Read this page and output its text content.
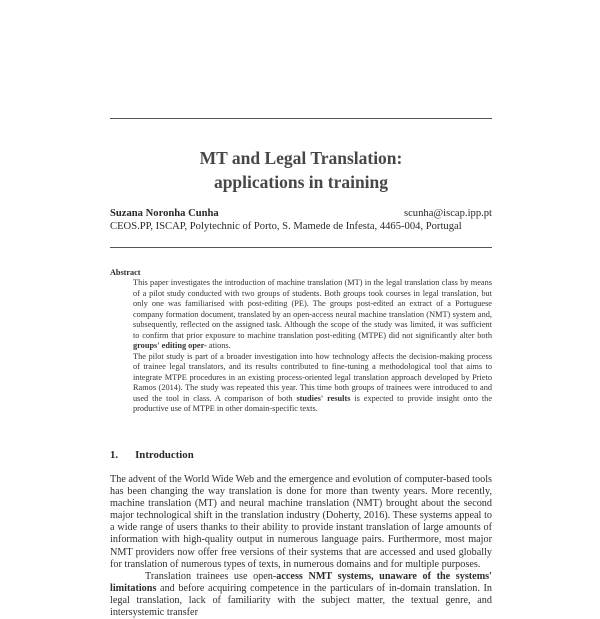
MT and Legal Translation:
applications in training
Suzana Noronha Cunha	scunha@iscap.ipp.pt
CEOS.PP, ISCAP, Polytechnic of Porto, S. Mamede de Infesta, 4465-004, Portugal
Abstract

This paper investigates the introduction of machine translation (MT) in the legal translation class by means of a pilot study conducted with two groups of students. Both groups took courses in legal translation, but only one was familiarised with post-editing (PE). The groups post-edited an extract of a Portuguese company formation document, translated by an open-access neural machine translation (NMT) system and, subsequently, reflected on the assigned task. Although the scope of the study was limited, it was sufficient to confirm that prior exposure to machine translation post-editing (MTPE) did not significantly alter both groups' editing oper- ations.

The pilot study is part of a broader investigation into how technology affects the decision-making process of trainee legal translators, and its results contributed to fine-tuning a methodological tool that aims to integrate MTPE procedures in an existing process-oriented legal translation approach developed by Prieto Ramos (2014). The study was repeated this year. This time both groups of trainees were introduced to and used the tool in class. A comparison of both studies' results is expected to provide insight onto the productive use of MTPE in other domain-specific texts.

1. Introduction

The advent of the World Wide Web and the emergence and evolution of computer-based tools has been changing the way translation is done for more than twenty years. More recently, machine translation (MT) and neural machine translation (NMT) brought about the second major technological shift in the translation industry (Doherty, 2016). These systems appeal to a wide range of users thanks to their ability to provide instant translation of large amounts of information with high-quality output in numerous language pairs. Furthermore, most major NMT providers now offer free versions of their systems that are accessed and used globally for translation of numerous types of texts, in numerous domains and for multiple purposes.

Translation trainees use open-access NMT systems, unaware of the systems' limitations and before acquiring competence in the particulars of in-domain translation. In legal translation, lack of familiarity with the subject matter, the textual genre, and intersystemic transfer
